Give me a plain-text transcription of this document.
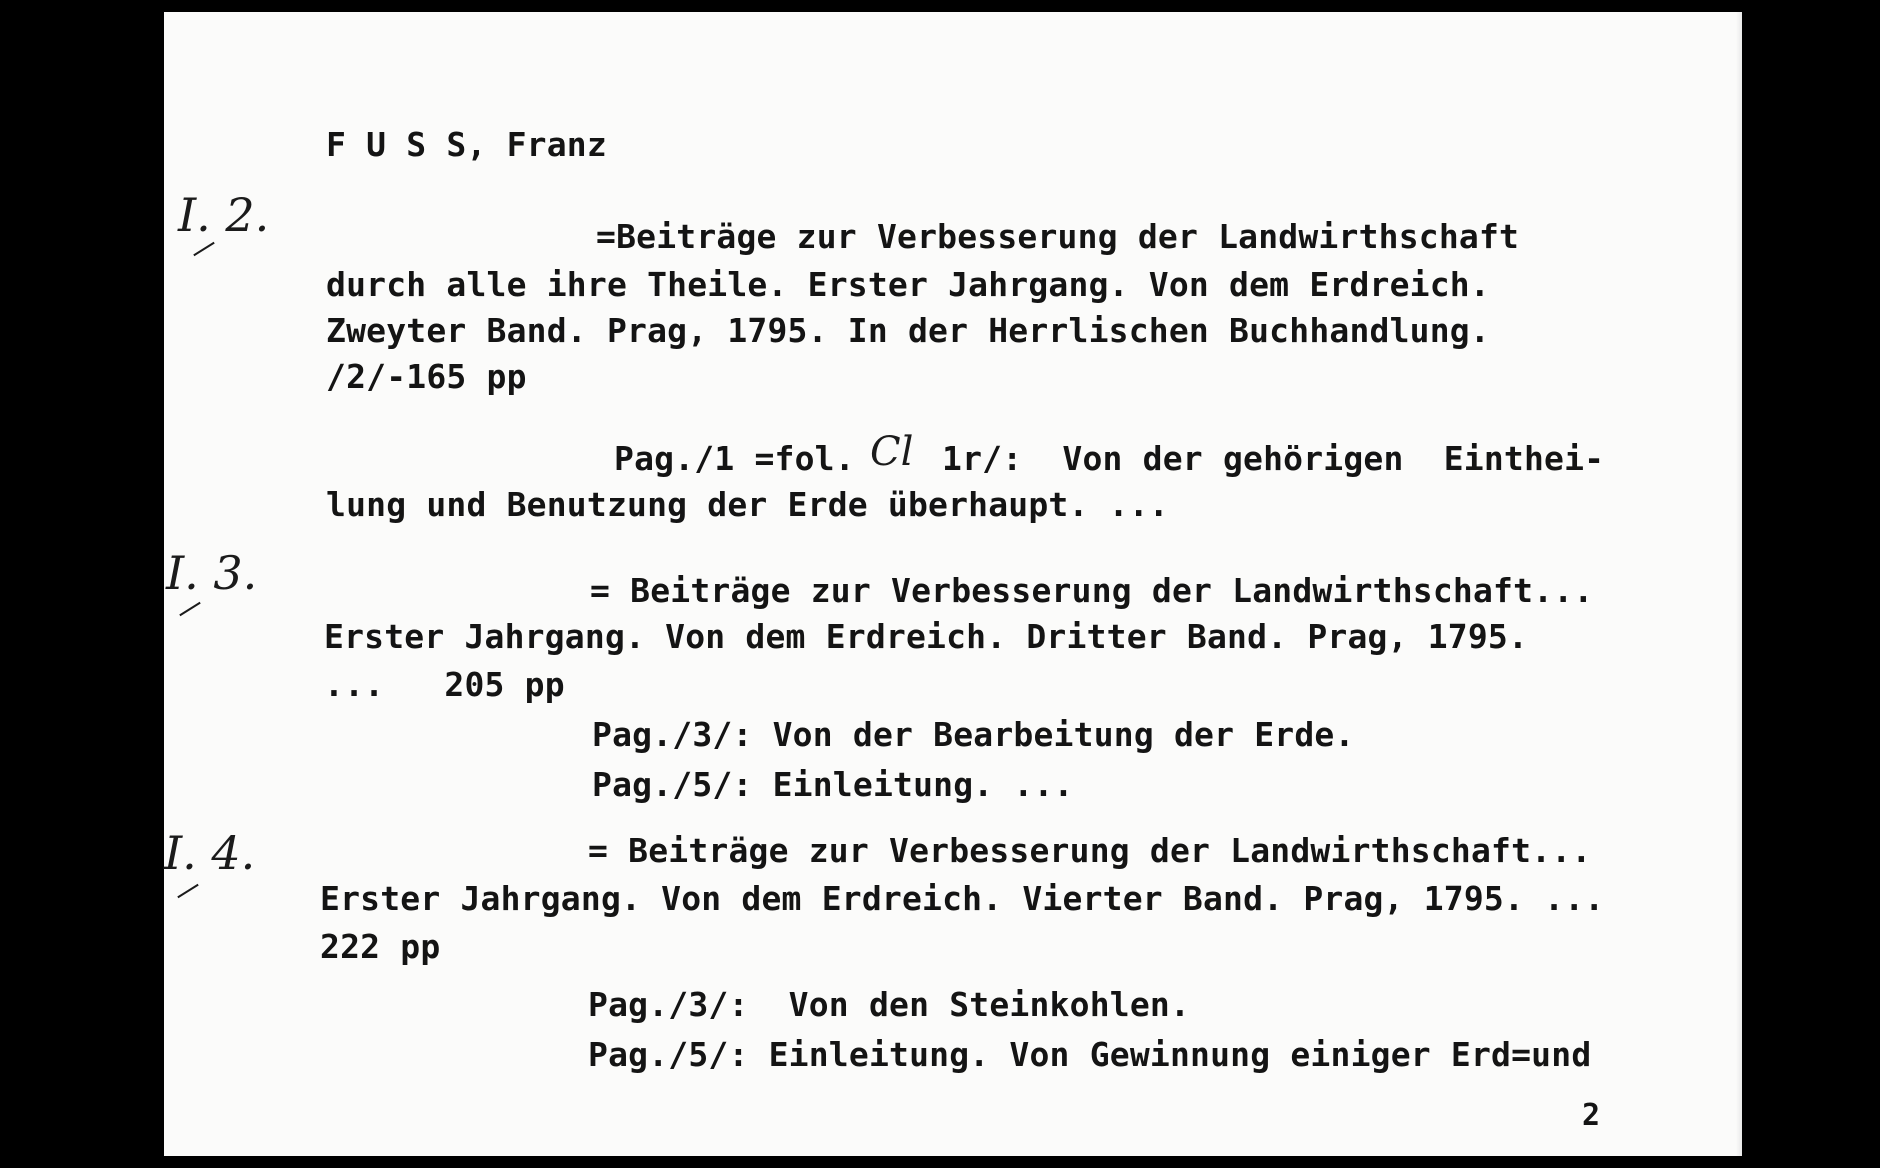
F U S S, Franz
I. 2.	=Beiträge zur Verbesserung der Landwirthschaft
durch alle ihre Theile. Erster Jahrgang. Von dem Erdreich.
Zweyter Band. Prag, 1795. In der Herrlischen Buchhandlung.
/2/-165 pp
Pag./1 =fol. Cl 1r/:  Von der gehörigen  Einthei-
lung und Benutzung der Erde überhaupt. ...
I. 3.	= Beiträge zur Verbesserung der Landwirthschaft...
Erster Jahrgang. Von dem Erdreich. Dritter Band. Prag, 1795.
...   205 pp
Pag./3/: Von der Bearbeitung der Erde.
Pag./5/: Einleitung. ...
I. 4.	= Beiträge zur Verbesserung der Landwirthschaft...
Erster Jahrgang. Von dem Erdreich. Vierter Band. Prag, 1795. ...
222 pp
Pag./3/:  Von den Steinkohlen.
Pag./5/: Einleitung. Von Gewinnung einiger Erd=und
2
